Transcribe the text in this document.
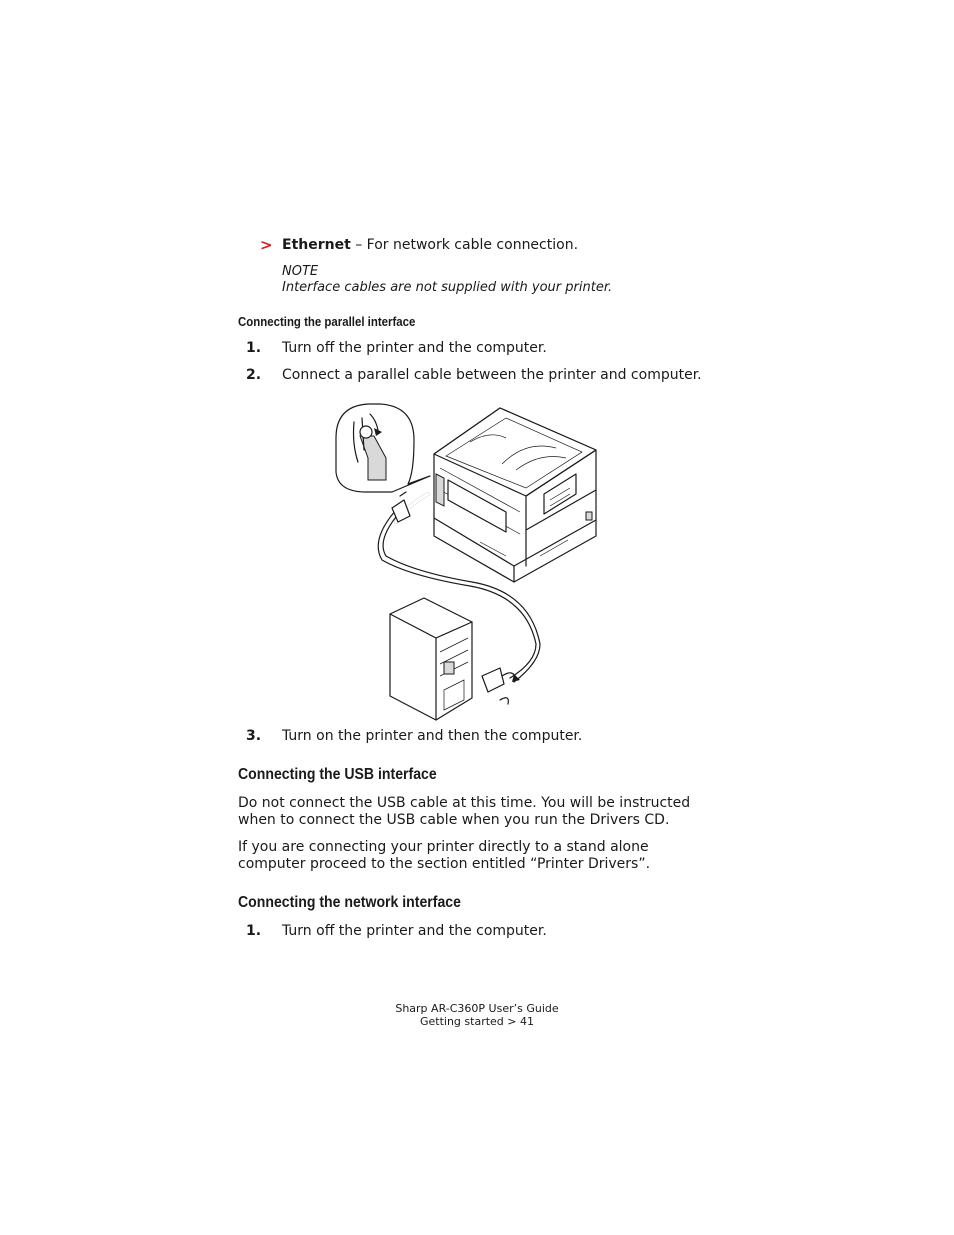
> Ethernet – For network cable connection.
NOTE
Interface cables are not supplied with your printer.
Connecting the parallel interface
1. Turn off the printer and the computer.
2. Connect a parallel cable between the printer and computer.
3. Turn on the printer and then the computer.
Connecting the USB interface
Do not connect the USB cable at this time. You will be instructed when to connect the USB cable when you run the Drivers CD.
If you are connecting your printer directly to a stand alone computer proceed to the section entitled “Printer Drivers”.
Connecting the network interface
1. Turn off the printer and the computer.
Sharp AR-C360P User’s Guide
Getting started > 41
